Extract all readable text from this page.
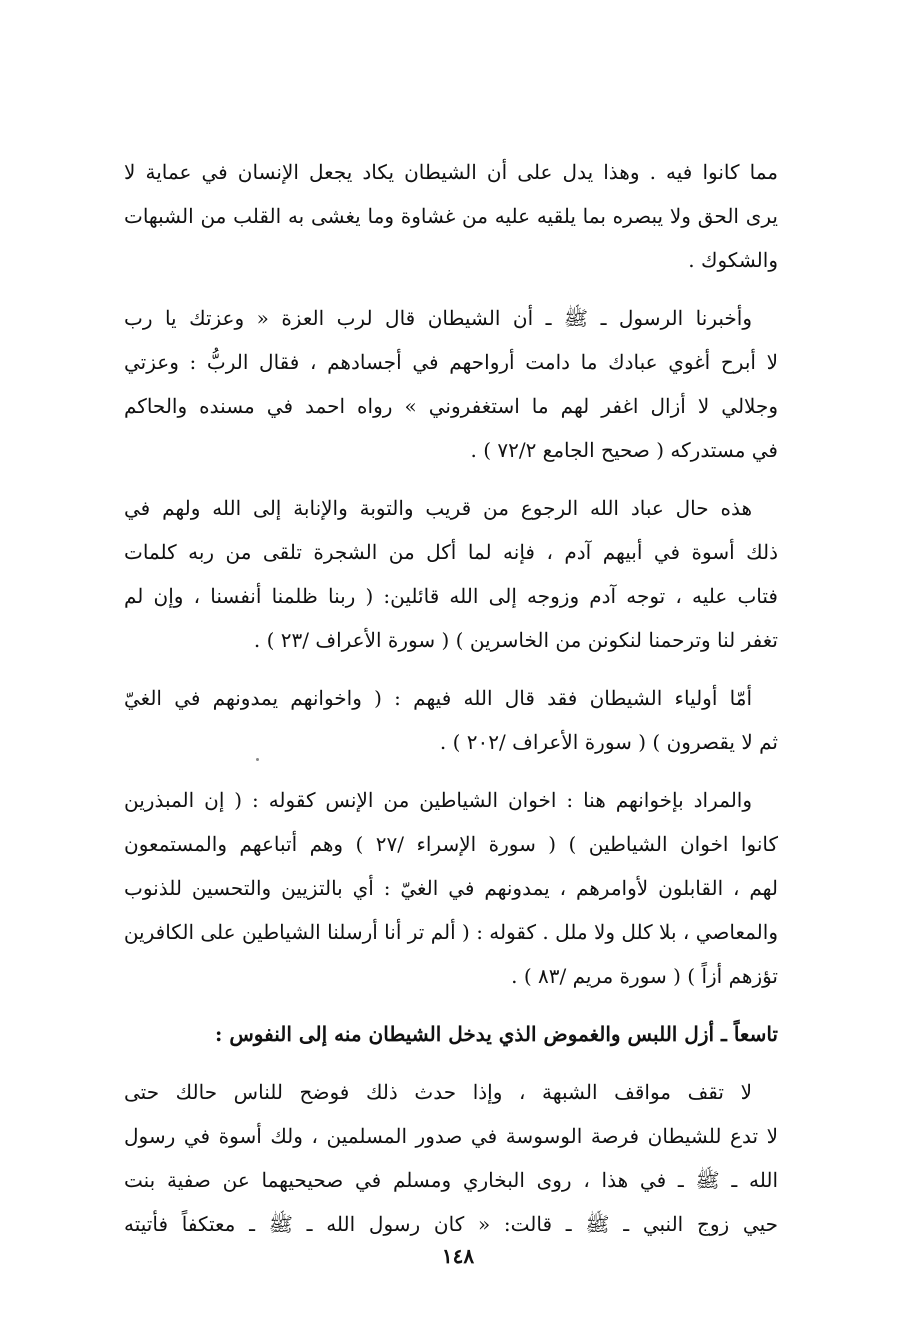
مما كانوا فيه . وهذا يدل على أن الشيطان يكاد يجعل الإنسان في عماية لا
يرى الحق ولا يبصره بما يلقيه عليه من غشاوة وما يغشى به القلب من الشبهات
والشكوك .
وأخبرنا الرسول ـ ﷺ ـ أن الشيطان قال لرب العزة « وعزتك يا رب
لا أبرح أغوي عبادك ما دامت أرواحهم في أجسادهم ، فقال الربُّ : وعزتي
وجلالي لا أزال اغفر لهم ما استغفروني » رواه احمد في مسنده والحاكم
في مستدركه ( صحيح الجامع ٧٢/٢ ) .
هذه حال عباد الله الرجوع من قريب والتوبة والإنابة إلى الله ولهم في
ذلك أسوة في أبيهم آدم ، فإنه لما أكل من الشجرة تلقى من ربه كلمات
فتاب عليه ، توجه آدم وزوجه إلى الله قائلين: ( ربنا ظلمنا أنفسنا ، وإن لم
تغفر لنا وترحمنا لنكونن من الخاسرين ) ( سورة الأعراف /٢٣ ) .
أمّا أولياء الشيطان فقد قال الله فيهم : ( واخوانهم يمدونهم في الغيّ
ثم لا يقصرون ) ( سورة الأعراف /٢٠٢ ) .
والمراد بإخوانهم هنا : اخوان الشياطين من الإنس كقوله : ( إن المبذرين
كانوا اخوان الشياطين ) ( سورة الإسراء /٢٧ ) وهم أتباعهم والمستمعون
لهم ، القابلون لأوامرهم ، يمدونهم في الغيّ : أي بالتزيين والتحسين للذنوب
والمعاصي ، بلا كلل ولا ملل . كقوله : ( ألم تر أنا أرسلنا الشياطين على الكافرين
تؤزهم أزاً ) ( سورة مريم /٨٣ ) .
تاسعاً ـ أزل اللبس والغموض الذي يدخل الشيطان منه إلى النفوس :
لا تقف مواقف الشبهة ، وإذا حدث ذلك فوضح للناس حالك حتى
لا تدع للشيطان فرصة الوسوسة في صدور المسلمين ، ولك أسوة في رسول
الله ـ ﷺ ـ في هذا ، روى البخاري ومسلم في صحيحيهما عن صفية بنت
حيي زوج النبي ـ ﷺ ـ قالت: « كان رسول الله ـ ﷺ ـ معتكفاً فأتيته
١٤٨
